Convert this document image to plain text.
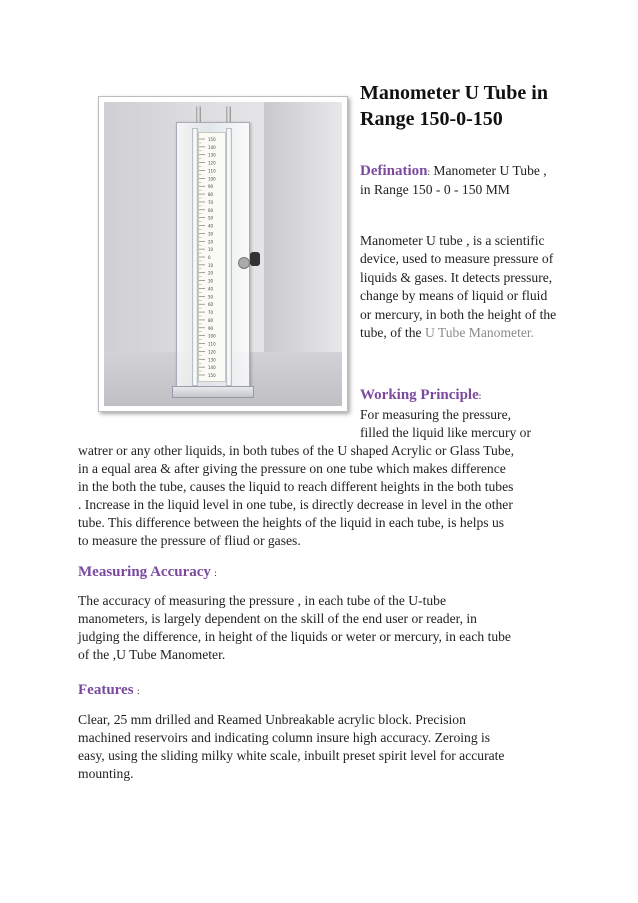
150
140
130
120
110
100
90
80
70
60
50
40
30
20
10
0
10
20
30
40
50
60
70
80
90
100
110
120
130
140
150
Manometer U Tube in Range 150-0-150

Defination: Manometer U Tube , in Range 150 - 0 - 150 MM

Manometer U tube , is a scientific device, used to measure pressure of liquids & gases. It detects pressure, change by means of liquid or fluid or mercury, in both the height of the tube, of the U Tube Manometer.

Working Principle:

For measuring the pressure,

filled the liquid like mercury or

watrer or any other liquids, in both tubes of the U shaped Acrylic or Glass Tube,

in a equal area & after giving the pressure on one tube which makes difference

in the both the tube, causes the liquid to reach different heights in the both tubes

. Increase in the liquid level in one tube, is directly decrease in level in the other

tube. This difference between the heights of the liquid in each tube, is helps us

to measure the pressure of fliud or gases.

Measuring Accuracy :

The accuracy of measuring the pressure , in each tube of the U-tube

manometers, is largely dependent on the skill of the end user or reader, in

judging the difference, in height of the liquids or weter or mercury, in each tube

of the ,U Tube Manometer.

Features :

Clear, 25 mm drilled and Reamed Unbreakable acrylic block. Precision

machined reservoirs and indicating column insure high accuracy. Zeroing is

easy, using the sliding milky white scale, inbuilt preset spirit level for accurate

mounting.
